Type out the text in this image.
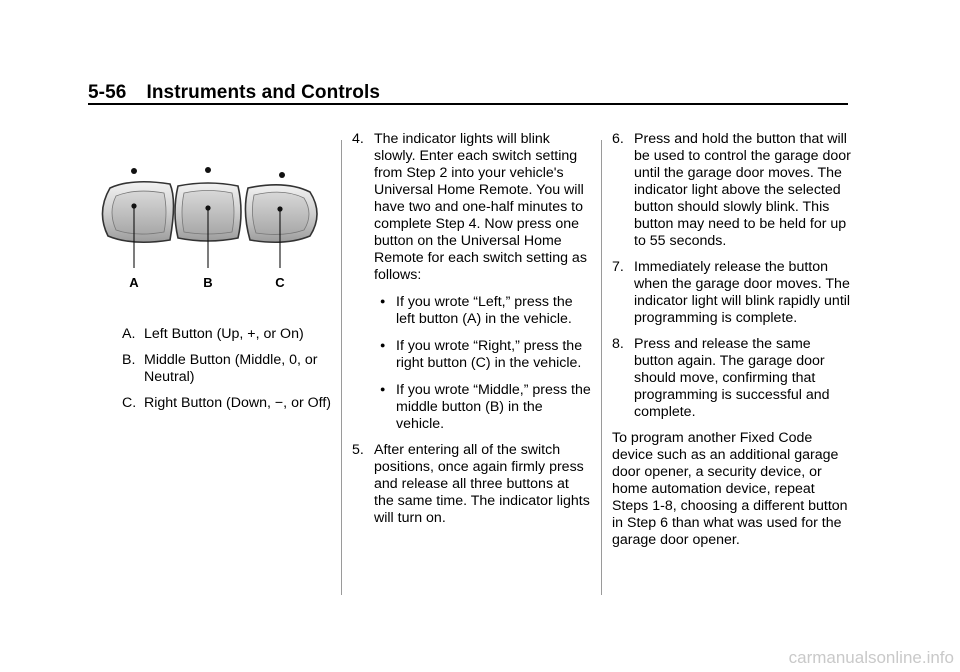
5-56 Instruments and Controls
A	B	C
A. Left Button (Up, +, or On)
B. Middle Button (Middle, 0, or Neutral)
C. Right Button (Down, −, or Off)
4. The indicator lights will blink slowly. Enter each switch setting from Step 2 into your vehicle's Universal Home Remote. You will have two and one-half minutes to complete Step 4. Now press one button on the Universal Home Remote for each switch setting as follows:
● If you wrote “Left,” press the left button (A) in the vehicle.
● If you wrote “Right,” press the right button (C) in the vehicle.
● If you wrote “Middle,” press the middle button (B) in the vehicle.
5. After entering all of the switch positions, once again firmly press and release all three buttons at the same time. The indicator lights will turn on.
6. Press and hold the button that will be used to control the garage door until the garage door moves. The indicator light above the selected button should slowly blink. This button may need to be held for up to 55 seconds.
7. Immediately release the button when the garage door moves. The indicator light will blink rapidly until programming is complete.
8. Press and release the same button again. The garage door should move, confirming that programming is successful and complete.

To program another Fixed Code device such as an additional garage door opener, a security device, or home automation device, repeat Steps 1-8, choosing a different button in Step 6 than what was used for the garage door opener.

carmanualsonline.info
